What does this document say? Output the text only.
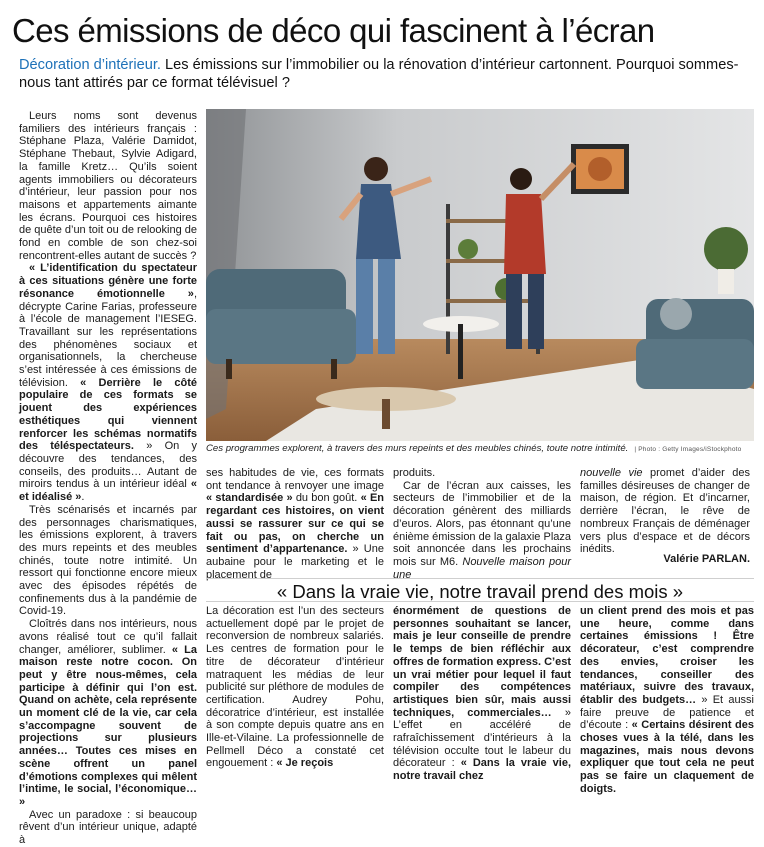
Ces émissions de déco qui fascinent à l’écran
Décoration d’intérieur. Les émissions sur l’immobilier ou la rénovation d’intérieur cartonnent. Pourquoi sommes-nous tant attirés par ce format télévisuel ?

Leurs noms sont devenus familiers des intérieurs français : Stéphane Plaza, Valérie Damidot, Stéphane Thebaut, Sylvie Adigard, la famille Kretz… Qu’ils soient agents immobiliers ou décorateurs d’intérieur, leur passion pour nos maisons et appartements aimante les écrans. Pourquoi ces histoires de quête d’un toit ou de relooking de fond en comble de son chez-soi rencontrent-elles autant de succès ?

« L’identification du spectateur à ces situations génère une forte résonance émotionnelle », décrypte Carine Farias, professeure à l’école de management l’IESEG. Travaillant sur les représentations des phénomènes sociaux et organisationnels, la chercheuse s’est intéressée à ces émissions de télévision. « Derrière le côté populaire de ces formats se jouent des expériences esthétiques qui viennent renforcer les schémas normatifs des téléspectateurs. » On y découvre des tendances, des conseils, des produits… Autant de miroirs tendus à un intérieur idéal « et idéalisé ».

Très scénarisés et incarnés par des personnages charismatiques, les émissions explorent, à travers des murs repeints et des meubles chinés, toute notre intimité. Un ressort qui fonctionne encore mieux avec des épisodes répétés de confinements dus à la pandémie de Covid-19.

Cloîtrés dans nos intérieurs, nous avons réalisé tout ce qu’il fallait changer, améliorer, sublimer. « La maison reste notre cocon. On peut y être nous-mêmes, cela participe à définir qui l’on est. Quand on achète, cela représente un moment clé de la vie, car cela s’accompagne souvent de projections sur plusieurs années… Toutes ces mises en scène offrent un panel d’émotions complexes qui mêlent l’intime, le social, l’économique… »

Avec un paradoxe : si beaucoup rêvent d’un intérieur unique, adapté à

Ces programmes explorent, à travers des murs repeints et des meubles chinés, toute notre intimité. | Photo : Getty Images/iStockphoto

ses habitudes de vie, ces formats ont tendance à renvoyer une image « standardisée » du bon goût. « En regardant ces histoires, on vient aussi se rassurer sur ce qui se fait ou pas, on cherche un sentiment d’appartenance. » Une aubaine pour le marketing et le placement de

produits.

Car de l’écran aux caisses, les secteurs de l’immobilier et de la décoration génèrent des milliards d’euros. Alors, pas étonnant qu’une énième émission de la galaxie Plaza soit annoncée dans les prochains mois sur M6. Nouvelle maison pour une

nouvelle vie promet d’aider des familles désireuses de changer de maison, de région. Et d’incarner, derrière l’écran, le rêve de nombreux Français de déménager vers plus d’espace et de décors inédits.

Valérie PARLAN.
« Dans la vraie vie, notre travail prend des mois »

La décoration est l’un des secteurs actuellement dopé par le projet de reconversion de nombreux salariés. Les centres de formation pour le titre de décorateur d’intérieur matraquent les médias de leur publicité sur pléthore de modules de certification. Audrey Pohu, décoratrice d’intérieur, est installée à son compte depuis quatre ans en Ille-et-Vilaine. La professionnelle de Pellmell Déco a constaté cet engouement : « Je reçois

énormément de questions de personnes souhaitant se lancer, mais je leur conseille de prendre le temps de bien réfléchir aux offres de formation express. C’est un vrai métier pour lequel il faut compiler des compétences artistiques bien sûr, mais aussi techniques, commerciales… » L’effet en accéléré de rafraîchissement d’intérieurs à la télévision occulte tout le labeur du décorateur : « Dans la vraie vie, notre travail chez

un client prend des mois et pas une heure, comme dans certaines émissions ! Être décorateur, c’est comprendre des envies, croiser les tendances, conseiller des matériaux, suivre des travaux, établir des budgets… » Et aussi faire preuve de patience et d’écoute : « Certains désirent des choses vues à la télé, dans les magazines, mais nous devons expliquer que tout cela ne peut pas se faire un claquement de doigts.
